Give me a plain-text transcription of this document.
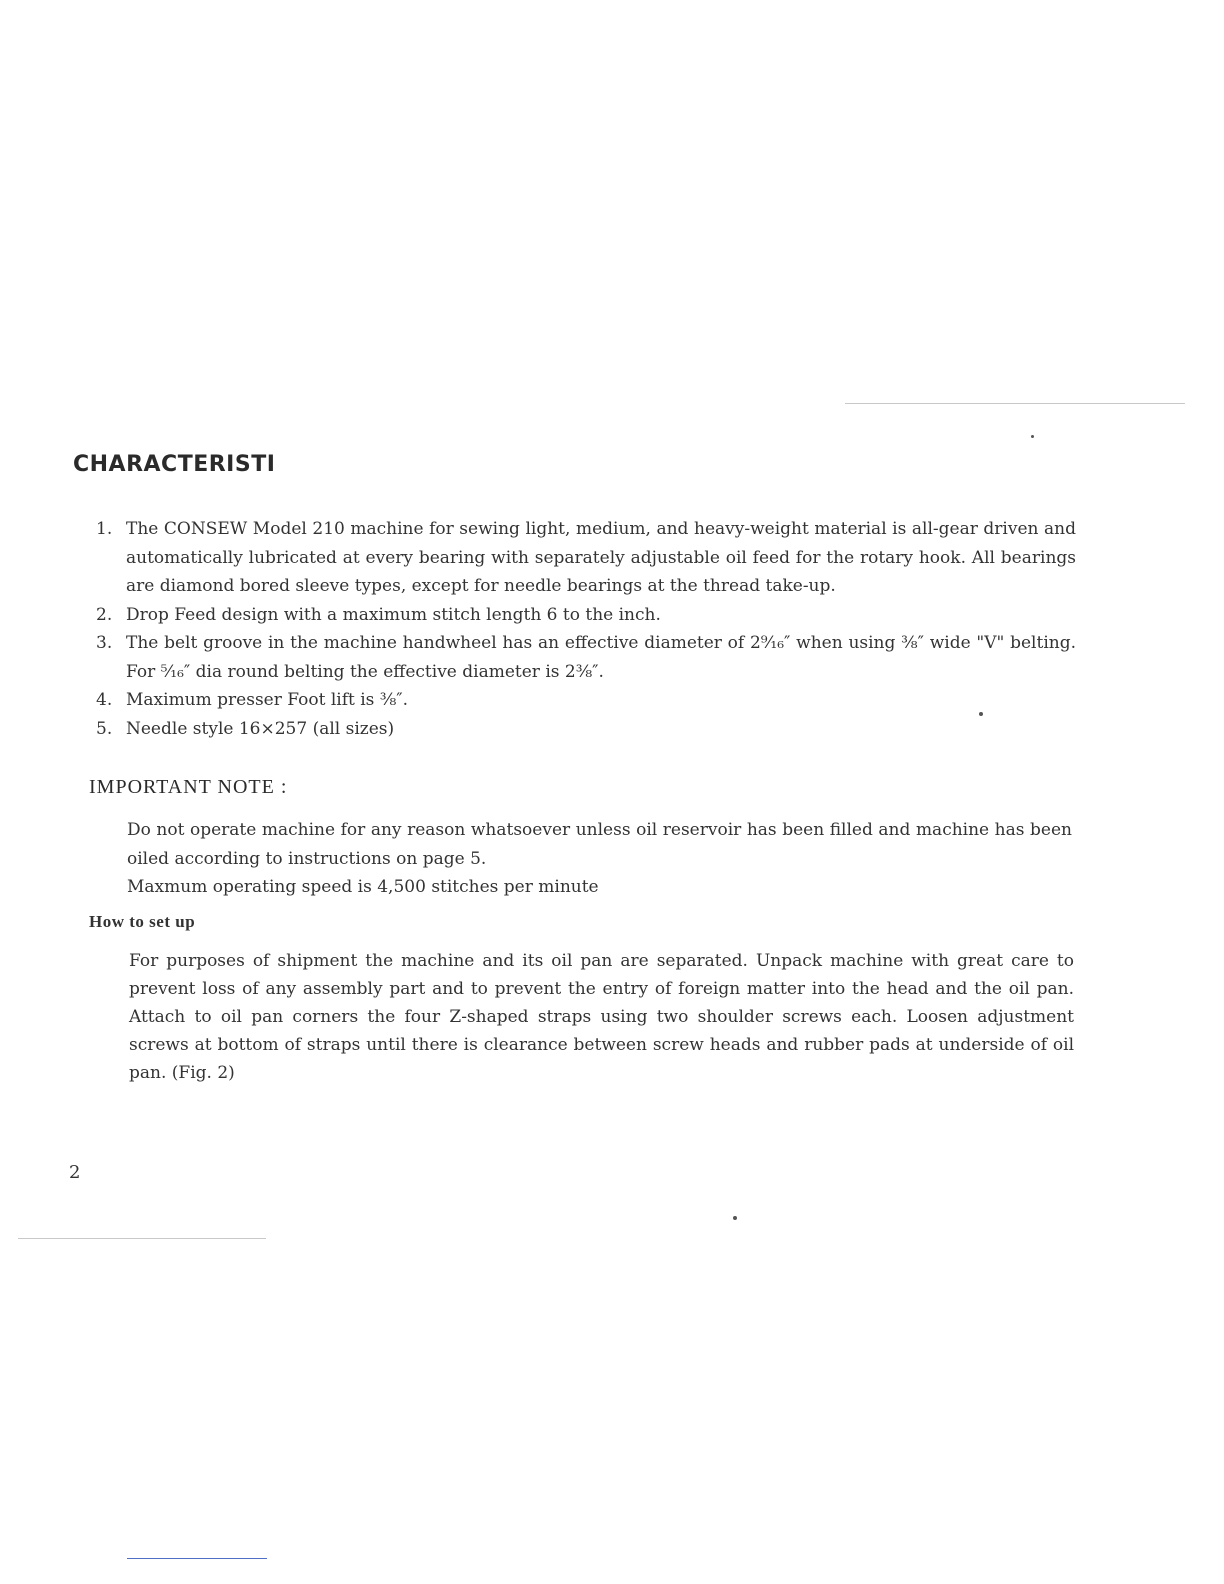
CHARACTERISTI
1. The CONSEW Model 210 machine for sewing light, medium, and heavy-weight material is all-gear driven and automatically lubricated at every bearing with separately adjustable oil feed for the rotary hook. All bearings are diamond bored sleeve types, except for needle bearings at the thread take-up.
2. Drop Feed design with a maximum stitch length 6 to the inch.
3. The belt groove in the machine handwheel has an effective diameter of 2⁹⁄₁₆″ when using ³⁄₈″ wide "V" belting. For ⁵⁄₁₆″ dia round belting the effective diameter is 2³⁄₈″.
4. Maximum presser Foot lift is ³⁄₈″.
5. Needle style 16×257 (all sizes)
IMPORTANT NOTE :

Do not operate machine for any reason whatsoever unless oil reservoir has been filled and machine has been oiled according to instructions on page 5.

Maxmum operating speed is 4,500 stitches per minute

How to set up

For purposes of shipment the machine and its oil pan are separated. Unpack machine with great care to prevent loss of any assembly part and to prevent the entry of foreign matter into the head and the oil pan. Attach to oil pan corners the four Z-shaped straps using two shoulder screws each. Loosen adjustment screws at bottom of straps until there is clearance between screw heads and rubber pads at underside of oil pan. (Fig. 2)

2
